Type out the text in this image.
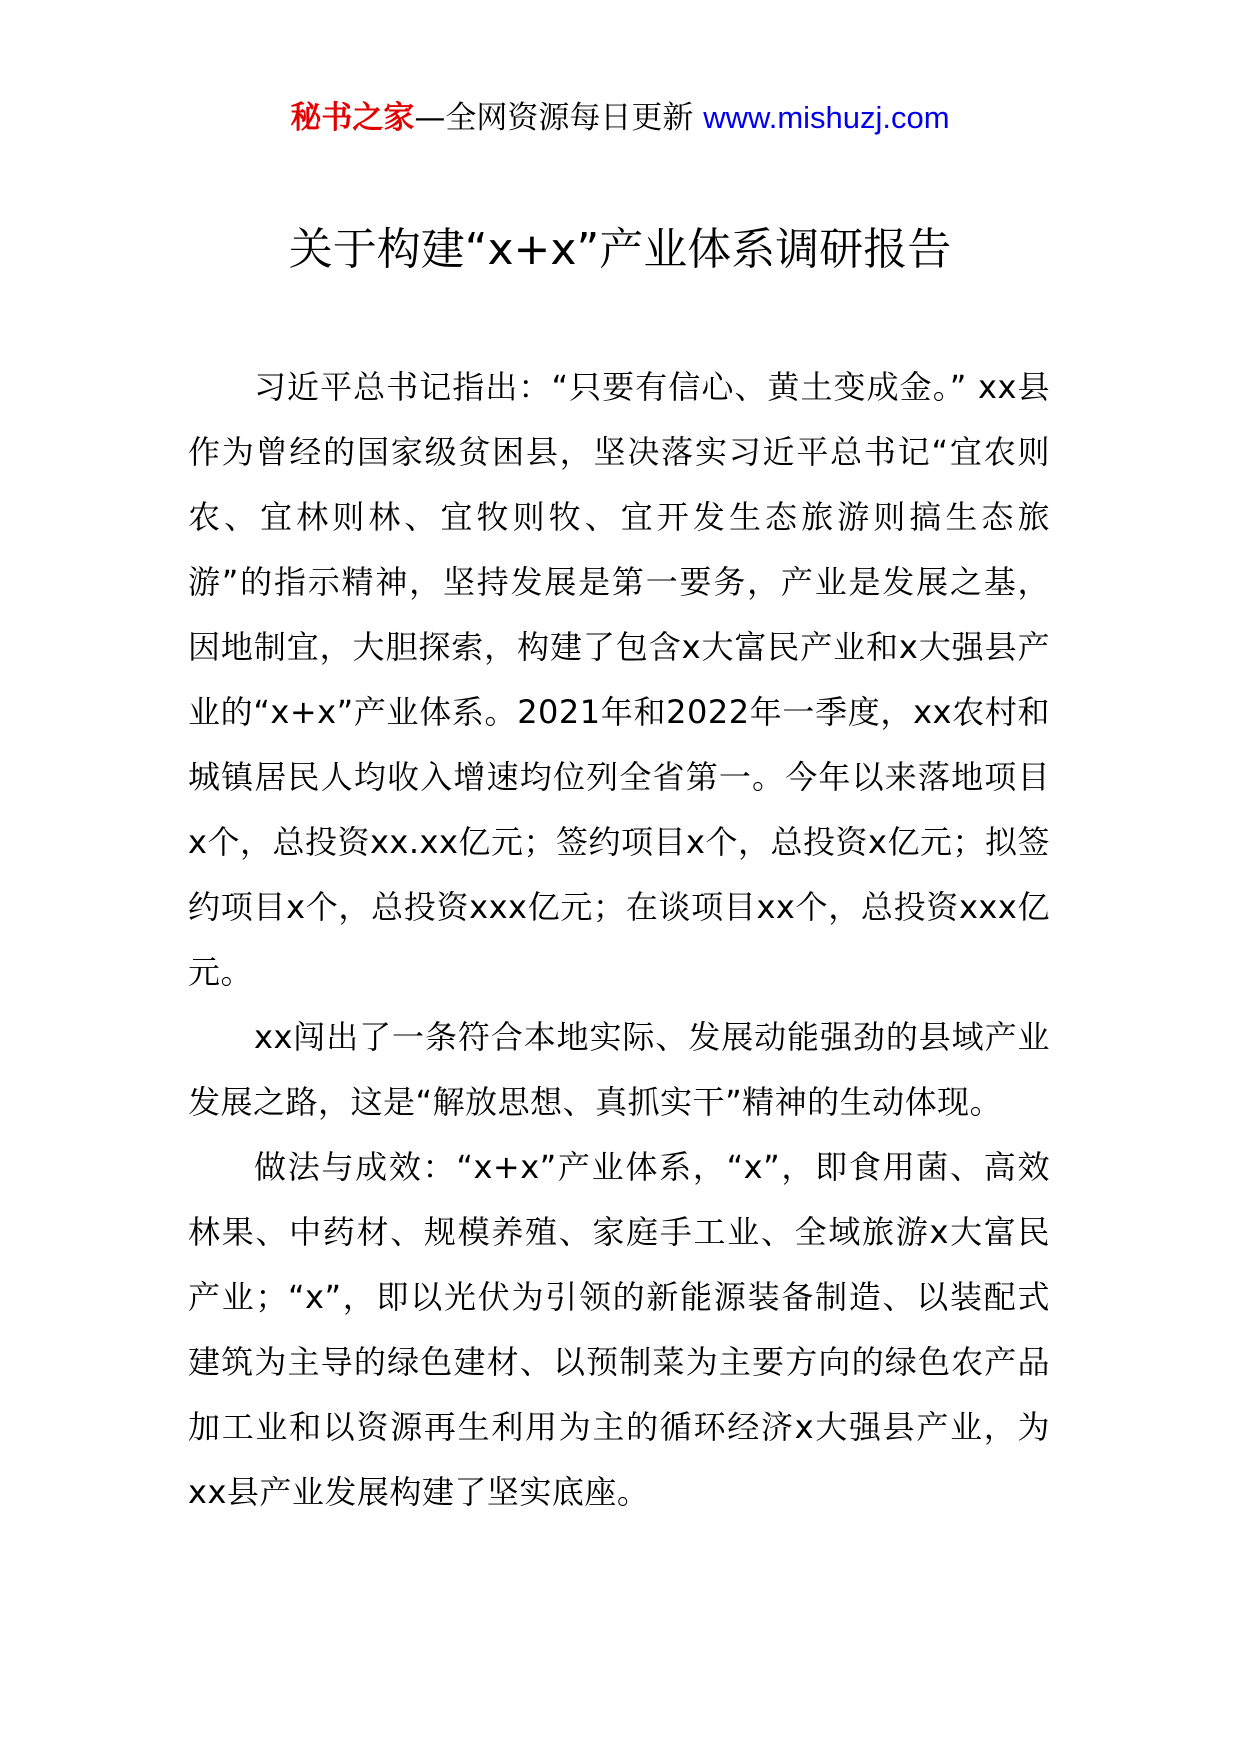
秘书之家—全网资源每日更新 www.mishuzj.com
关于构建“x+x”产业体系调研报告

习近平总书记指出：“只要有信心、黄土变成金。” xx县作为曾经的国家级贫困县，坚决落实习近平总书记“宜农则农、宜林则林、宜牧则牧、宜开发生态旅游则搞生态旅游”的指示精神，坚持发展是第一要务，产业是发展之基，因地制宜，大胆探索，构建了包含x大富民产业和x大强县产业的“x+x”产业体系。2021年和2022年一季度，xx农村和城镇居民人均收入增速均位列全省第一。今年以来落地项目x个，总投资xx.xx亿元；签约项目x个，总投资x亿元；拟签约项目x个，总投资xxx亿元；在谈项目xx个，总投资xxx亿元。

xx闯出了一条符合本地实际、发展动能强劲的县域产业发展之路，这是“解放思想、真抓实干”精神的生动体现。

做法与成效：“x+x”产业体系，“x”，即食用菌、高效林果、中药材、规模养殖、家庭手工业、全域旅游x大富民产业；“x”，即以光伏为引领的新能源装备制造、以装配式建筑为主导的绿色建材、以预制菜为主要方向的绿色农产品加工业和以资源再生利用为主的循环经济x大强县产业，为xx县产业发展构建了坚实底座。
